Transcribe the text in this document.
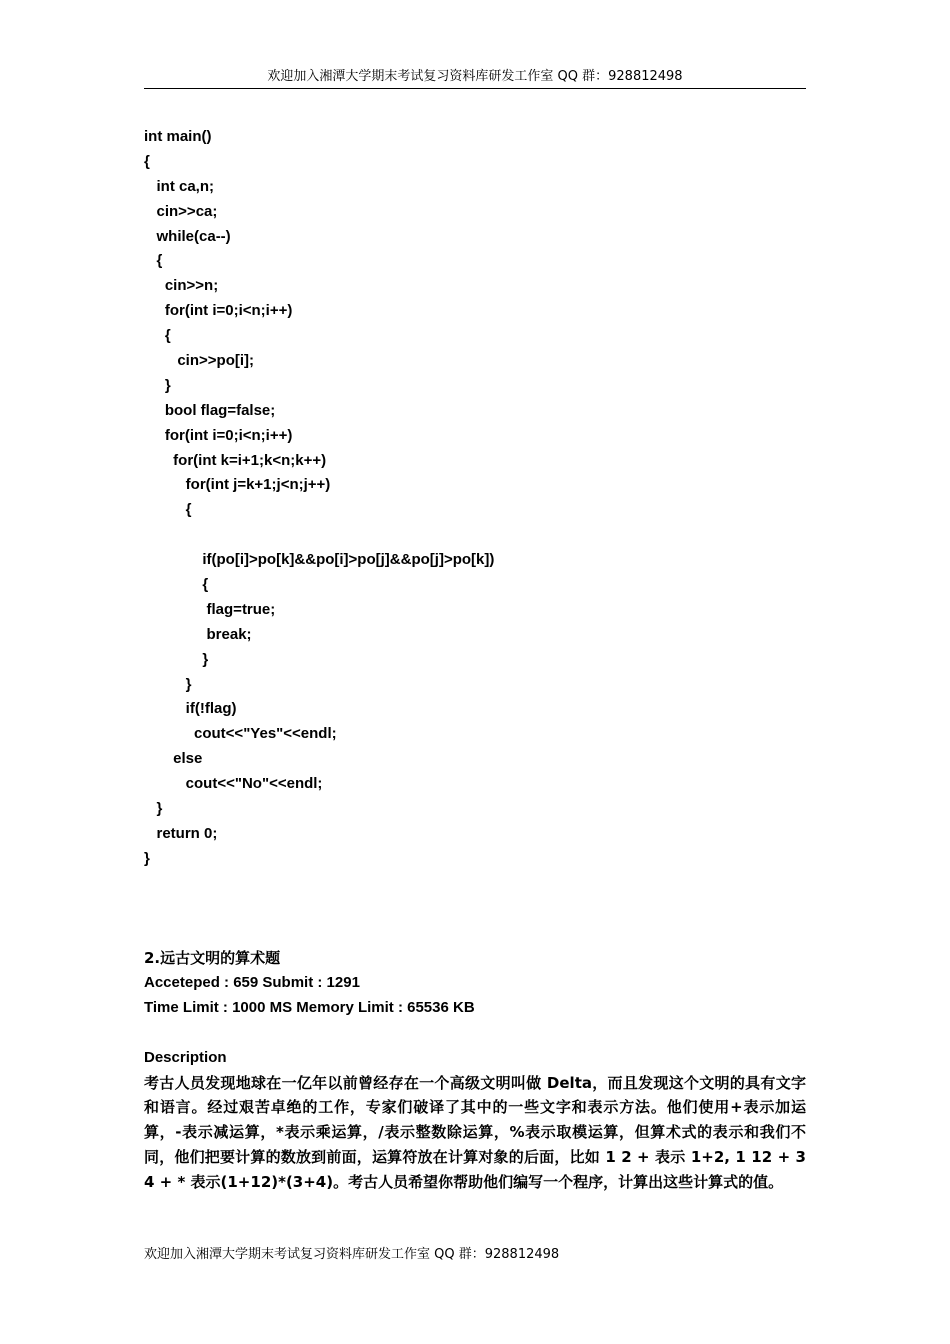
欢迎加入湘潭大学期末考试复习资料库研发工作室 QQ 群：928812498
int main()
{
int ca,n;
cin>>ca;
while(ca--)
{
cin>>n;
for(int i=0;i<n;i++)
{
cin>>po[i];
}
bool flag=false;
for(int i=0;i<n;i++)
for(int k=i+1;k<n;k++)
for(int j=k+1;j<n;j++)
{
if(po[i]>po[k]&&po[i]>po[j]&&po[j]>po[k])
{
flag=true;
break;
}
}
if(!flag)
cout<<"Yes"<<endl;
else
cout<<"No"<<endl;
}
return 0;
}
2.远古文明的算术题
Acceteped : 659 Submit : 1291
Time Limit : 1000 MS Memory Limit : 65536 KB
Description
考古人员发现地球在一亿年以前曾经存在一个高级文明叫做 Delta，而且发现这个文明的具有文字和语言。经过艰苦卓绝的工作，专家们破译了其中的一些文字和表示方法。他们使用+表示加运算，-表示减运算，*表示乘运算，/表示整数除运算，%表示取模运算，但算术式的表示和我们不同，他们把要计算的数放到前面，运算符放在计算对象的后面，比如 1 2 + 表示 1+2, 1 12 + 3 4 + * 表示(1+12)*(3+4)。考古人员希望你帮助他们编写一个程序，计算出这些计算式的值。
欢迎加入湘潭大学期末考试复习资料库研发工作室 QQ 群：928812498
